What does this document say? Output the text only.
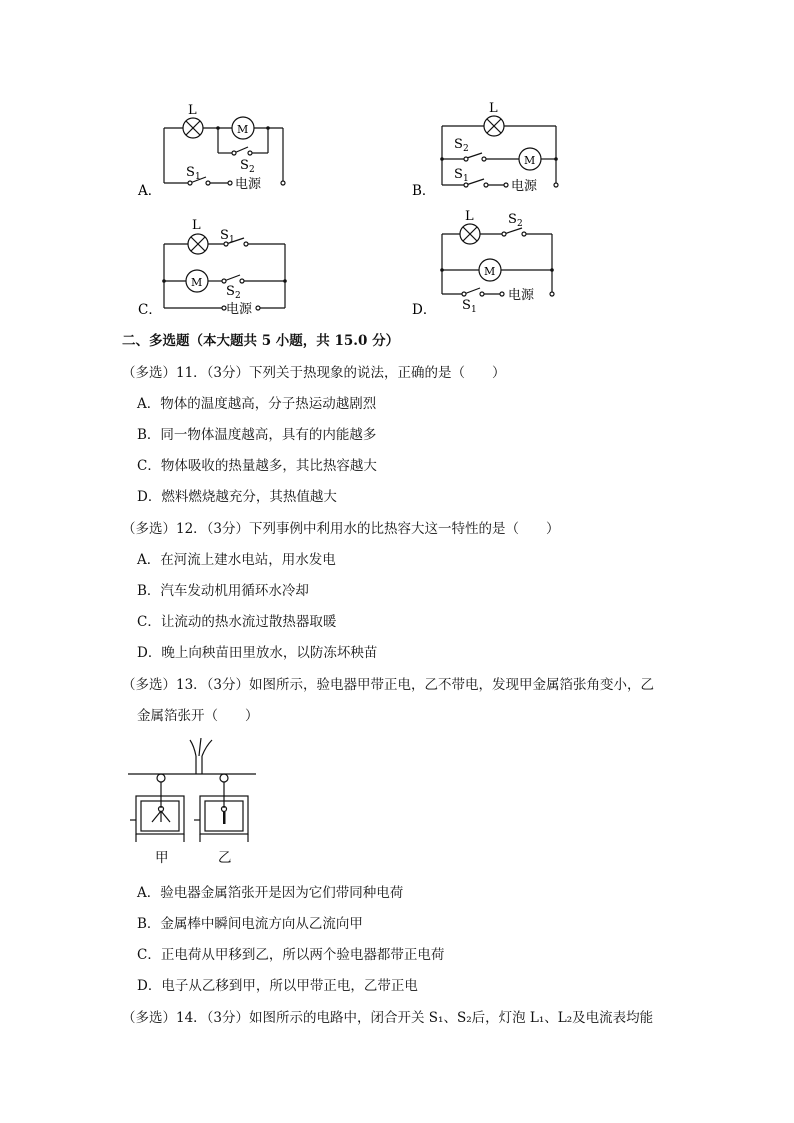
L
M
S 1
S 2
电源
A．
L
M
S 2
S 1	电源
B．
L
M
S 1
S 2
电源
C．
L
M
S 2
S 1
电源
D．
二、多选题（本大题共 5 小题，共 15.0 分）
（多选）11．（3分）下列关于热现象的说法，正确的是（　　）
A．物体的温度越高，分子热运动越剧烈
B．同一物体温度越高，具有的内能越多
C．物体吸收的热量越多，其比热容越大
D．燃料燃烧越充分，其热值越大
（多选）12．（3分）下列事例中利用水的比热容大这一特性的是（　　）
A．在河流上建水电站，用水发电
B．汽车发动机用循环水冷却
C．让流动的热水流过散热器取暖
D．晚上向秧苗田里放水，以防冻坏秧苗
（多选）13．（3分）如图所示，验电器甲带正电，乙不带电，发现甲金属箔张角变小，乙
金属箔张开（　　）
甲	乙
A．验电器金属箔张开是因为它们带同种电荷
B．金属棒中瞬间电流方向从乙流向甲
C．正电荷从甲移到乙，所以两个验电器都带正电荷
D．电子从乙移到甲，所以甲带正电，乙带正电
（多选）14．（3分）如图所示的电路中，闭合开关 S₁、S₂后，灯泡 L₁、L₂及电流表均能
